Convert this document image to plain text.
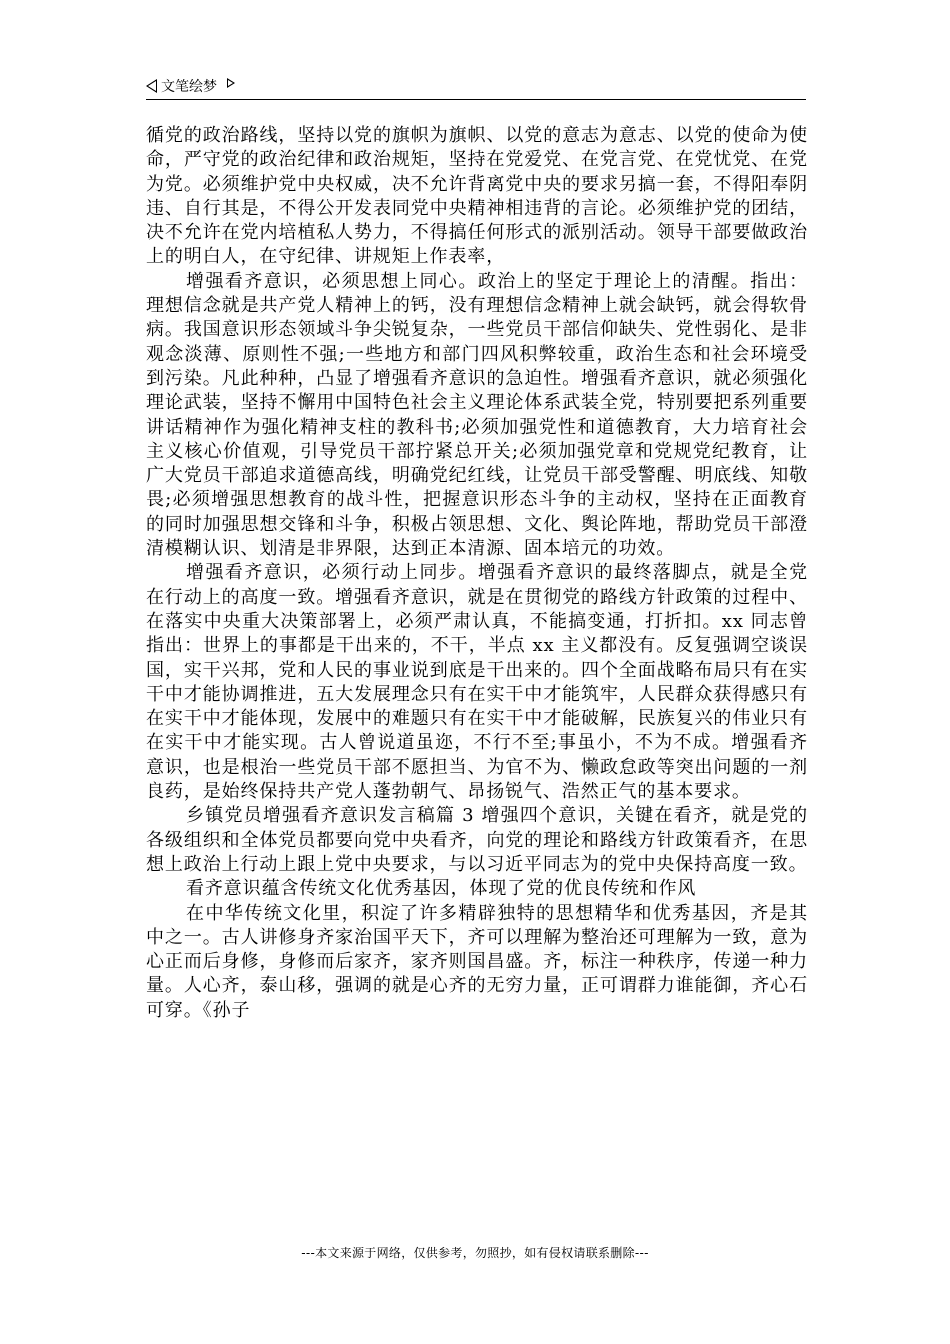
文笔绘梦

循党的政治路线，坚持以党的旗帜为旗帜、以党的意志为意志、以党的使命为使命，严守党的政治纪律和政治规矩，坚持在党爱党、在党言党、在党忧党、在党为党。必须维护党中央权威，决不允许背离党中央的要求另搞一套，不得阳奉阴违、自行其是，不得公开发表同党中央精神相违背的言论。必须维护党的团结，决不允许在党内培植私人势力，不得搞任何形式的派别活动。领导干部要做政治上的明白人，在守纪律、讲规矩上作表率，

增强看齐意识，必须思想上同心。政治上的坚定于理论上的清醒。指出：理想信念就是共产党人精神上的钙，没有理想信念精神上就会缺钙，就会得软骨病。我国意识形态领域斗争尖锐复杂，一些党员干部信仰缺失、党性弱化、是非观念淡薄、原则性不强;一些地方和部门四风积弊较重，政治生态和社会环境受到污染。凡此种种，凸显了增强看齐意识的急迫性。增强看齐意识，就必须强化理论武装，坚持不懈用中国特色社会主义理论体系武装全党，特别要把系列重要讲话精神作为强化精神支柱的教科书;必须加强党性和道德教育，大力培育社会主义核心价值观，引导党员干部拧紧总开关;必须加强党章和党规党纪教育，让广大党员干部追求道德高线，明确党纪红线，让党员干部受警醒、明底线、知敬畏;必须增强思想教育的战斗性，把握意识形态斗争的主动权，坚持在正面教育的同时加强思想交锋和斗争，积极占领思想、文化、舆论阵地，帮助党员干部澄清模糊认识、划清是非界限，达到正本清源、固本培元的功效。

增强看齐意识，必须行动上同步。增强看齐意识的最终落脚点，就是全党在行动上的高度一致。增强看齐意识，就是在贯彻党的路线方针政策的过程中、在落实中央重大决策部署上，必须严肃认真，不能搞变通，打折扣。xx 同志曾指出：世界上的事都是干出来的，不干，半点 xx 主义都没有。反复强调空谈误国，实干兴邦，党和人民的事业说到底是干出来的。四个全面战略布局只有在实干中才能协调推进，五大发展理念只有在实干中才能筑牢，人民群众获得感只有在实干中才能体现，发展中的难题只有在实干中才能破解，民族复兴的伟业只有在实干中才能实现。古人曾说道虽迩，不行不至;事虽小，不为不成。增强看齐意识，也是根治一些党员干部不愿担当、为官不为、懒政怠政等突出问题的一剂良药，是始终保持共产党人蓬勃朝气、昂扬锐气、浩然正气的基本要求。

乡镇党员增强看齐意识发言稿篇 3 增强四个意识，关键在看齐，就是党的各级组织和全体党员都要向党中央看齐，向党的理论和路线方针政策看齐，在思想上政治上行动上跟上党中央要求，与以习近平同志为的党中央保持高度一致。

看齐意识蕴含传统文化优秀基因，体现了党的优良传统和作风

在中华传统文化里，积淀了许多精辟独特的思想精华和优秀基因，齐是其中之一。古人讲修身齐家治国平天下，齐可以理解为整治还可理解为一致，意为心正而后身修，身修而后家齐，家齐则国昌盛。齐，标注一种秩序，传递一种力量。人心齐，泰山移，强调的就是心齐的无穷力量，正可谓群力谁能御，齐心石可穿。《孙子

---本文来源于网络，仅供参考，勿照抄，如有侵权请联系删除---
